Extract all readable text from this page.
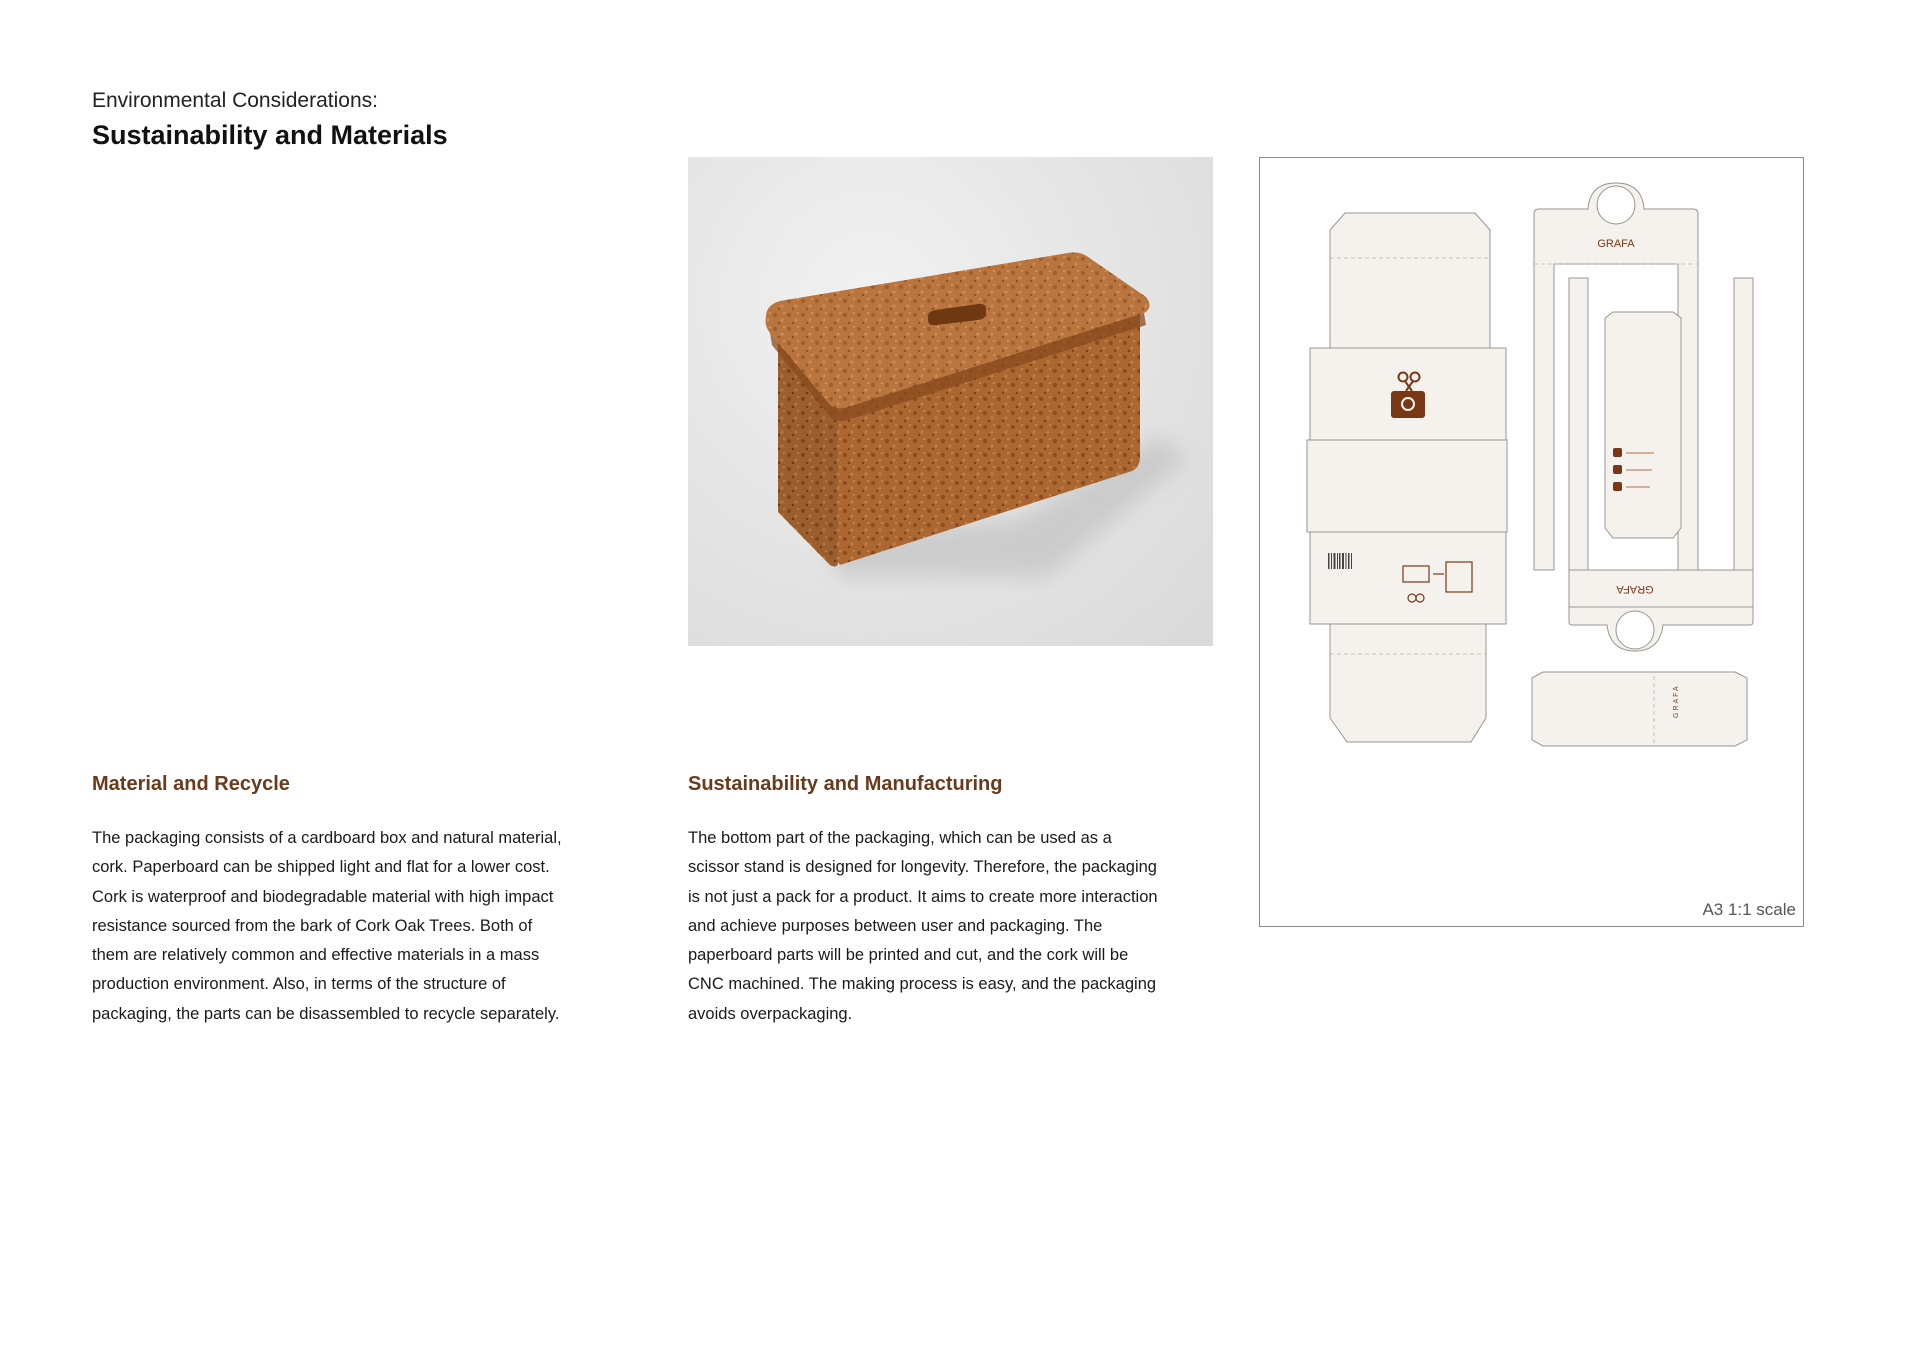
Environmental Considerations:
Sustainability and Materials
GRAFA
GRAFA
GRAFA
A3 1:1 scale
Material and Recycle

The packaging consists of a cardboard box and natural material, cork. Paperboard can be shipped light and flat for a lower cost. Cork is waterproof and biodegradable material with high impact resistance sourced from the bark of Cork Oak Trees. Both of them are relatively common and effective materials in a mass production environment. Also, in terms of the structure of packaging, the parts can be disassembled to recycle separately.

Sustainability and Manufacturing

The bottom part of the packaging, which can be used as a scissor stand is designed for longevity. Therefore, the packaging is not just a pack for a product. It aims to create more interaction and achieve purposes between user and packaging. The paperboard parts will be printed and cut, and the cork will be CNC machined. The making process is easy, and the packaging avoids overpackaging.
